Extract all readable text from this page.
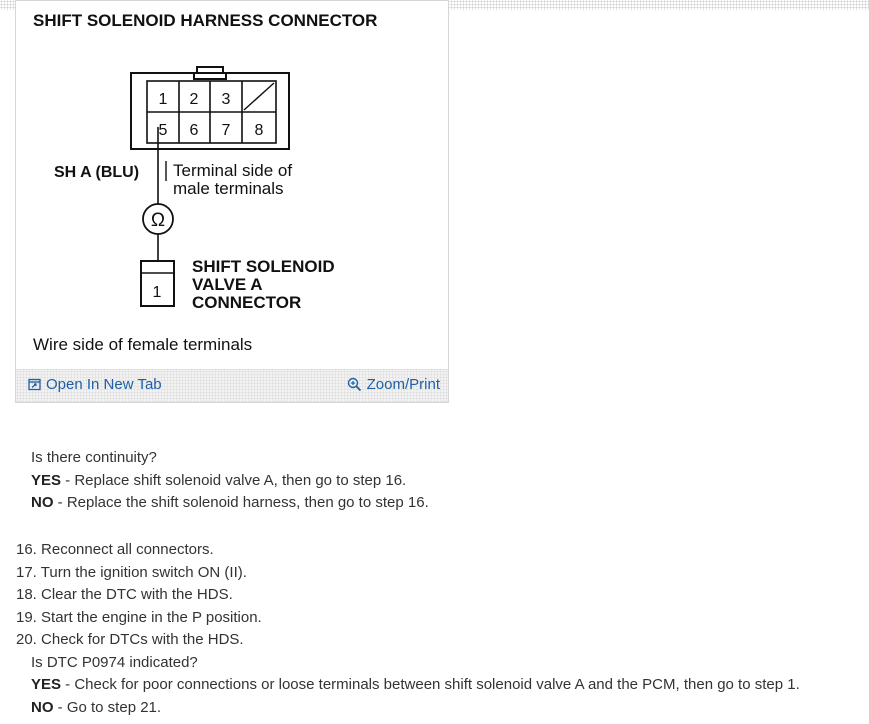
SHIFT SOLENOID HARNESS CONNECTOR
1 2 3
5 6 7 8
SH A (BLU) Terminal side of
male terminals
Ω
1
SHIFT SOLENOID
VALVE A
CONNECTOR
Wire side of female terminals
Open In New Tab	Zoom/Print

Is there continuity?

YES - Replace shift solenoid valve A, then go to step 16.

NO - Replace the shift solenoid harness, then go to step 16.

16. Reconnect all connectors.

17. Turn the ignition switch ON (II).

18. Clear the DTC with the HDS.

19. Start the engine in the P position.

20. Check for DTCs with the HDS.

Is DTC P0974 indicated?

YES - Check for poor connections or loose terminals between shift solenoid valve A and the PCM, then go to step 1.

NO - Go to step 21.
